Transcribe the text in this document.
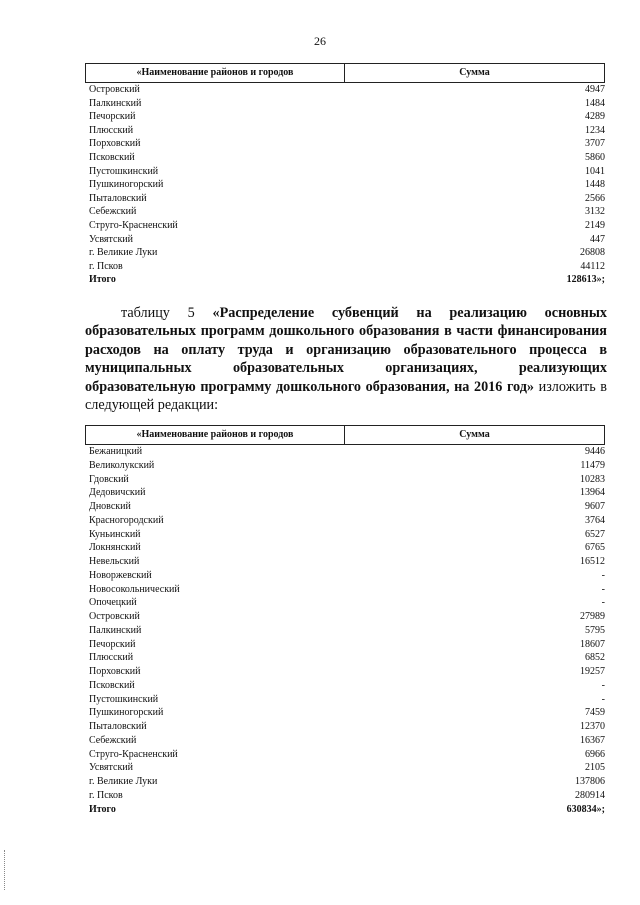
26
«Наименование районов и городов	Сумма
Островский	4947
Палкинский	1484
Печорский	4289
Плюсский	1234
Порховский	3707
Псковский	5860
Пустошкинский	1041
Пушкиногорский	1448
Пыталовский	2566
Себежский	3132
Струго-Красненский	2149
Усвятский	447
г. Великие Луки	26808
г. Псков	44112
Итого	128613»;
таблицу 5 «Распределение субвенций на реализацию основных образовательных программ дошкольного образования в части финансирования расходов на оплату труда и организацию образовательного процесса в муниципальных образовательных организациях, реализующих образовательную программу дошкольного образования, на 2016 год» изложить в следующей редакции:
«Наименование районов и городов	Сумма
Бежаницкий	9446
Великолукский	11479
Гдовский	10283
Дедовичский	13964
Дновский	9607
Красногородский	3764
Куньинский	6527
Локнянский	6765
Невельский	16512
Новоржевский	-
Новосокольнический	-
Опочецкий	-
Островский	27989
Палкинский	5795
Печорский	18607
Плюсский	6852
Порховский	19257
Псковский	-
Пустошкинский	-
Пушкиногорский	7459
Пыталовский	12370
Себежский	16367
Струго-Красненский	6966
Усвятский	2105
г. Великие Луки	137806
г. Псков	280914
Итого	630834»;
